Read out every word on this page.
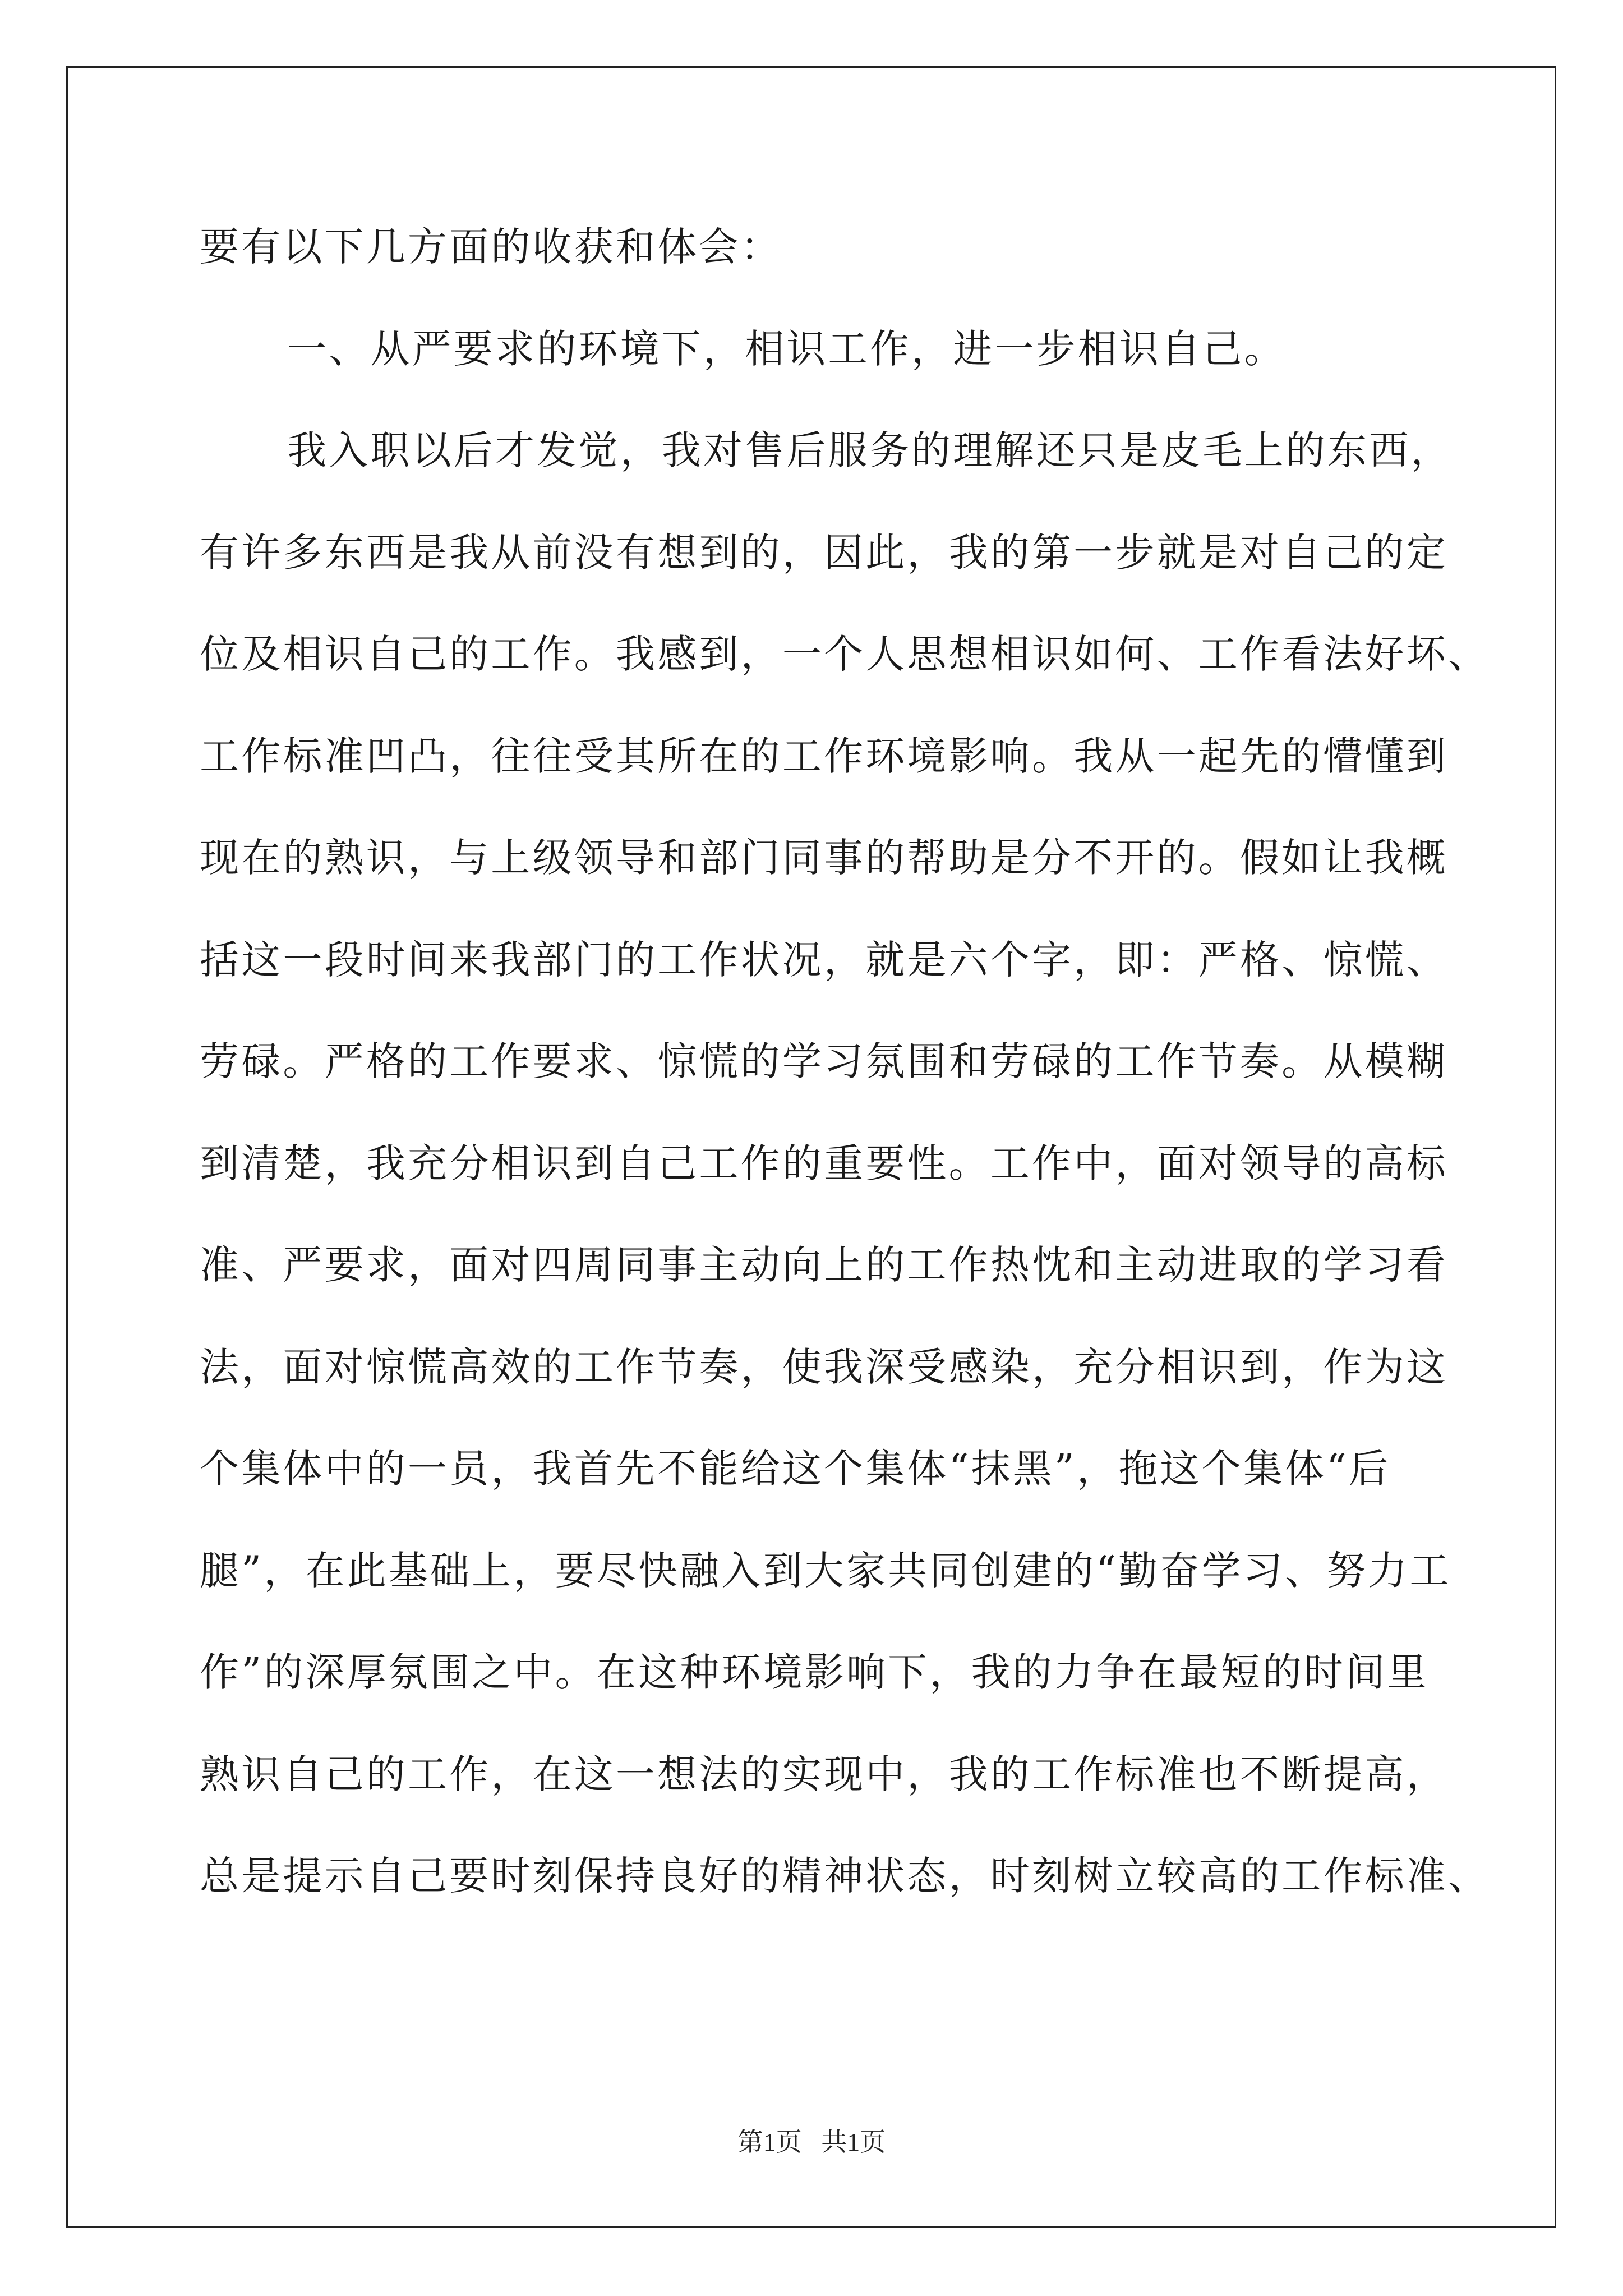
要有以下几方面的收获和体会：
一、从严要求的环境下，相识工作，进一步相识自己。
我入职以后才发觉，我对售后服务的理解还只是皮毛上的东西，
有许多东西是我从前没有想到的，因此，我的第一步就是对自己的定
位及相识自己的工作。我感到，一个人思想相识如何、工作看法好坏、
工作标准凹凸，往往受其所在的工作环境影响。我从一起先的懵懂到
现在的熟识，与上级领导和部门同事的帮助是分不开的。假如让我概
括这一段时间来我部门的工作状况，就是六个字，即：严格、惊慌、
劳碌。严格的工作要求、惊慌的学习氛围和劳碌的工作节奏。从模糊
到清楚，我充分相识到自己工作的重要性。工作中，面对领导的高标
准、严要求，面对四周同事主动向上的工作热忱和主动进取的学习看
法，面对惊慌高效的工作节奏，使我深受感染，充分相识到，作为这
个集体中的一员，我首先不能给这个集体“抹黑”，拖这个集体“后
腿”，在此基础上，要尽快融入到大家共同创建的“勤奋学习、努力工
作”的深厚氛围之中。在这种环境影响下，我的力争在最短的时间里
熟识自己的工作，在这一想法的实现中，我的工作标准也不断提高，
总是提示自己要时刻保持良好的精神状态，时刻树立较高的工作标准、
第1页   共1页
